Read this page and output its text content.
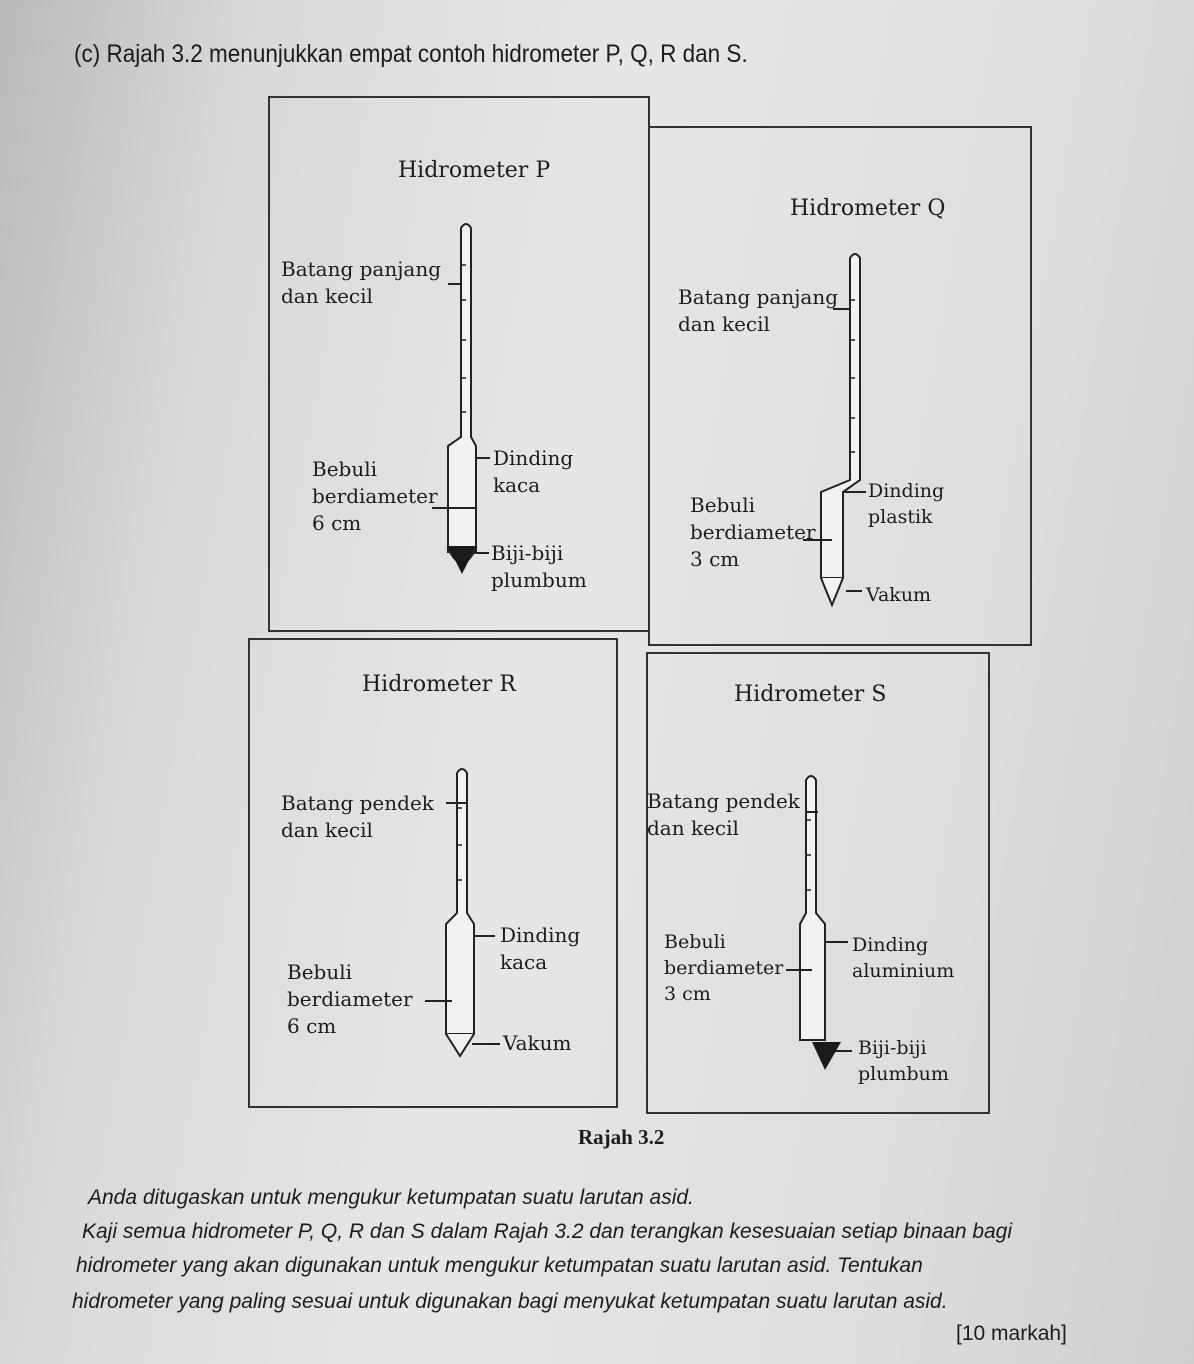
(c) Rajah 3.2 menunjukkan empat contoh hidrometer P, Q, R dan S.
Hidrometer P
Batang panjang
dan kecil
Bebuli
berdiameter
6 cm
Dinding
kaca
Biji-biji
plumbum
Hidrometer Q
Batang panjang
dan kecil
Bebuli
berdiameter
3 cm
Dinding
plastik
Vakum
Hidrometer R
Batang pendek
dan kecil
Bebuli
berdiameter
6 cm
Dinding
kaca
Vakum
Hidrometer S
Batang pendek
dan kecil
Bebuli
berdiameter
3 cm
Dinding
aluminium
Biji-biji
plumbum
Rajah 3.2
Anda ditugaskan untuk mengukur ketumpatan suatu larutan asid.
Kaji semua hidrometer P, Q, R dan S dalam Rajah 3.2 dan terangkan kesesuaian setiap binaan bagi
hidrometer yang akan digunakan untuk mengukur ketumpatan suatu larutan asid. Tentukan
hidrometer yang paling sesuai untuk digunakan bagi menyukat ketumpatan suatu larutan asid.
[10 markah]
